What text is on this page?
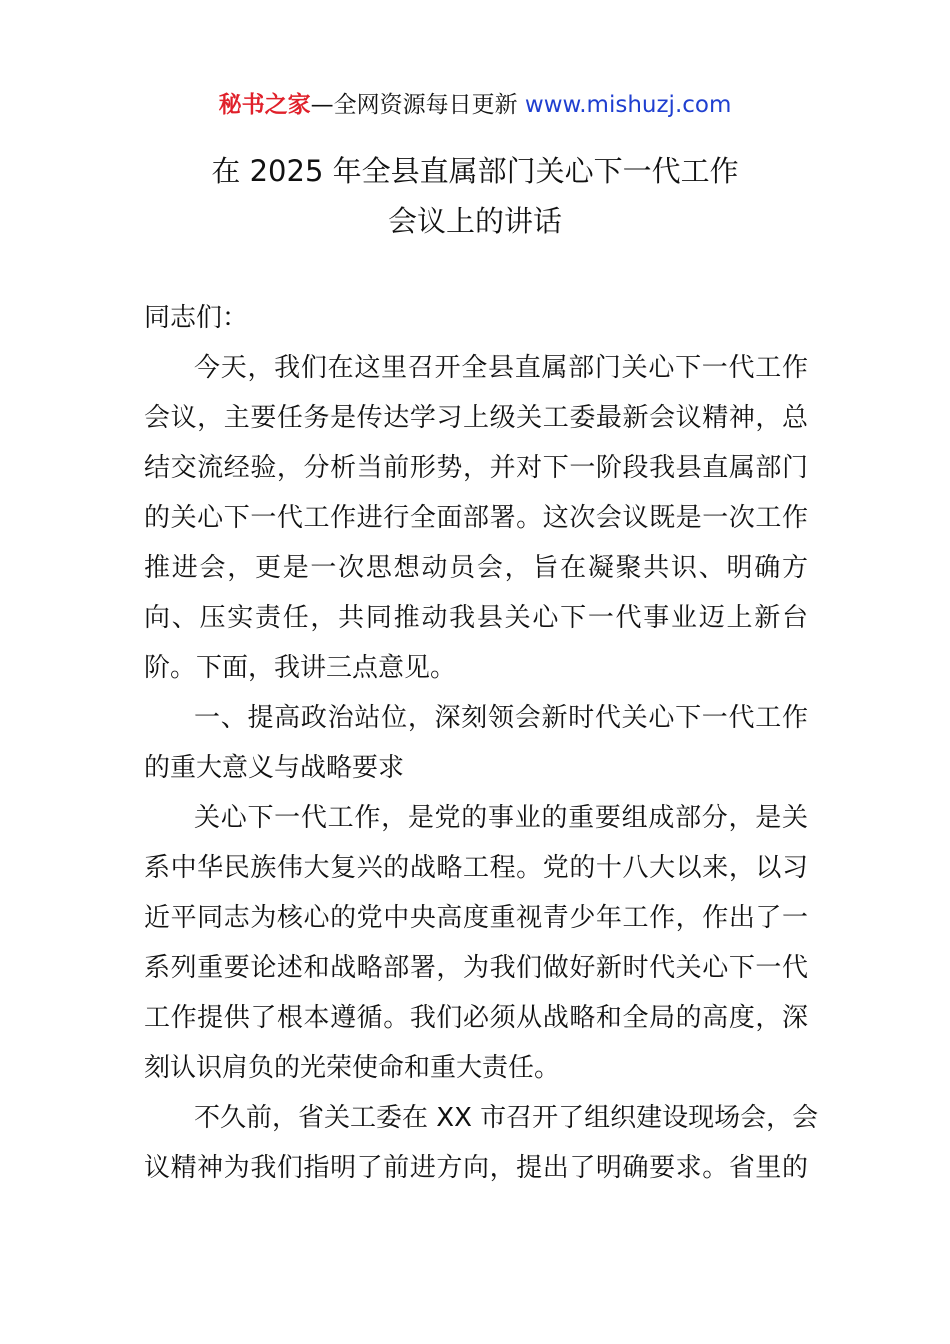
秘书之家—全网资源每日更新 www.mishuzj.com
在 2025 年全县直属部门关心下一代工作
会议上的讲话
同志们：
今天，我们在这里召开全县直属部门关心下一代工作
会议，主要任务是传达学习上级关工委最新会议精神，总
结交流经验，分析当前形势，并对下一阶段我县直属部门
的关心下一代工作进行全面部署。这次会议既是一次工作
推进会，更是一次思想动员会，旨在凝聚共识、明确方
向、压实责任，共同推动我县关心下一代事业迈上新台
阶。下面，我讲三点意见。
一、提高政治站位，深刻领会新时代关心下一代工作
的重大意义与战略要求
关心下一代工作，是党的事业的重要组成部分，是关
系中华民族伟大复兴的战略工程。党的十八大以来，以习
近平同志为核心的党中央高度重视青少年工作，作出了一
系列重要论述和战略部署，为我们做好新时代关心下一代
工作提供了根本遵循。我们必须从战略和全局的高度，深
刻认识肩负的光荣使命和重大责任。
不久前，省关工委在 XX 市召开了组织建设现场会，会
议精神为我们指明了前进方向，提出了明确要求。省里的
